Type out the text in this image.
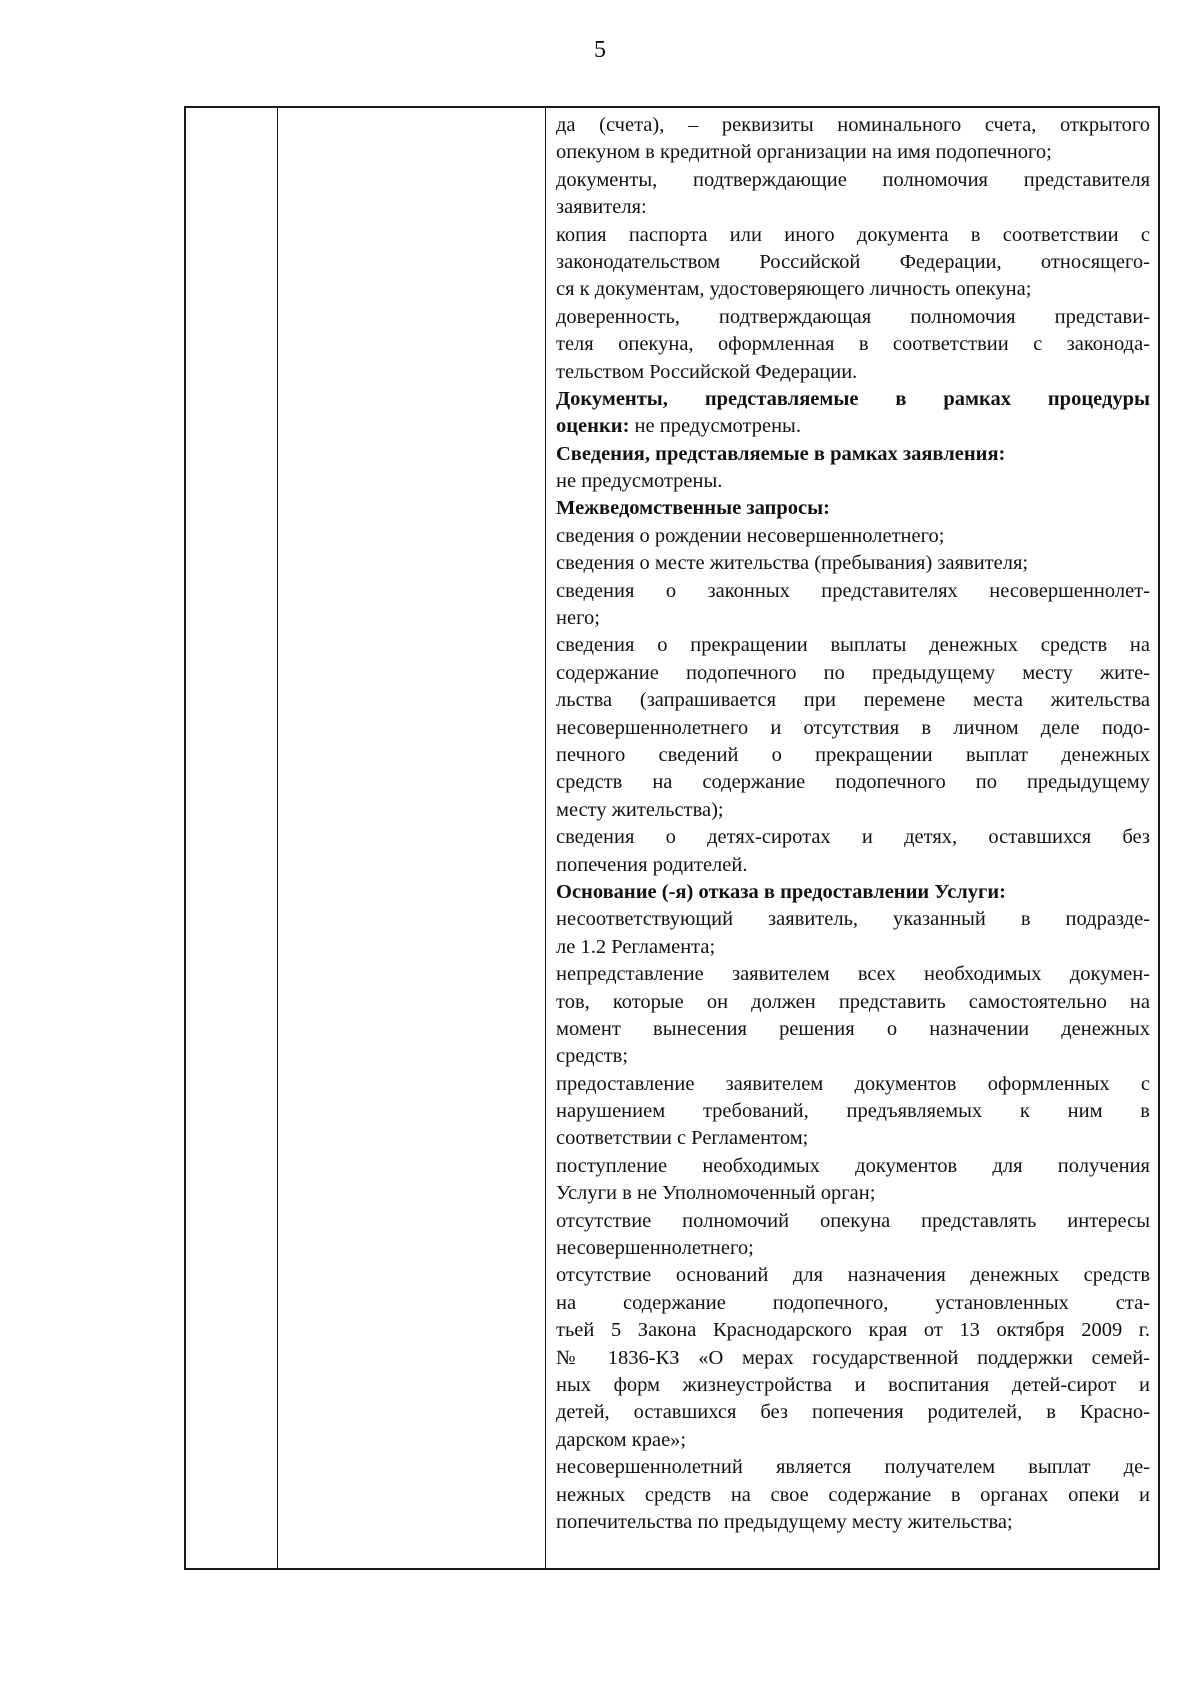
5
да (счета), – реквизиты номинального счета, открытого
опекуном в кредитной организации на имя подопечного;
документы, подтверждающие полномочия представителя
заявителя:
копия паспорта или иного документа в соответствии с
законодательством Российской Федерации, относящего-
ся к документам, удостоверяющего личность опекуна;
доверенность, подтверждающая полномочия представи-
теля опекуна, оформленная в соответствии с законода-
тельством Российской Федерации.
Документы, представляемые в рамках процедуры
оценки: не предусмотрены.
Сведения, представляемые в рамках заявления:
не предусмотрены.
Межведомственные запросы:
сведения о рождении несовершеннолетнего;
сведения о месте жительства (пребывания) заявителя;
сведения о законных представителях несовершеннолет-
него;
сведения о прекращении выплаты денежных средств на
содержание подопечного по предыдущему месту жите-
льства (запрашивается при перемене места жительства
несовершеннолетнего и отсутствия в личном деле подо-
печного сведений о прекращении выплат денежных
средств на содержание подопечного по предыдущему
месту жительства);
сведения о детях-сиротах и детях, оставшихся без
попечения родителей.
Основание (-я) отказа в предоставлении Услуги:
несоответствующий заявитель, указанный в подразде-
ле 1.2 Регламента;
непредставление заявителем всех необходимых докумен-
тов, которые он должен представить самостоятельно на
момент вынесения решения о назначении денежных
средств;
предоставление заявителем документов оформленных с
нарушением требований, предъявляемых к ним в
соответствии с Регламентом;
поступление необходимых документов для получения
Услуги в не Уполномоченный орган;
отсутствие полномочий опекуна представлять интересы
несовершеннолетнего;
отсутствие оснований для назначения денежных средств
на содержание подопечного, установленных ста-
тьей 5 Закона Краснодарского края от 13 октября 2009 г.
№ 1836-КЗ «О мерах государственной поддержки семей-
ных форм жизнеустройства и воспитания детей-сирот и
детей, оставшихся без попечения родителей, в Красно-
дарском крае»;
несовершеннолетний является получателем выплат де-
нежных средств на свое содержание в органах опеки и
попечительства по предыдущему месту жительства;
